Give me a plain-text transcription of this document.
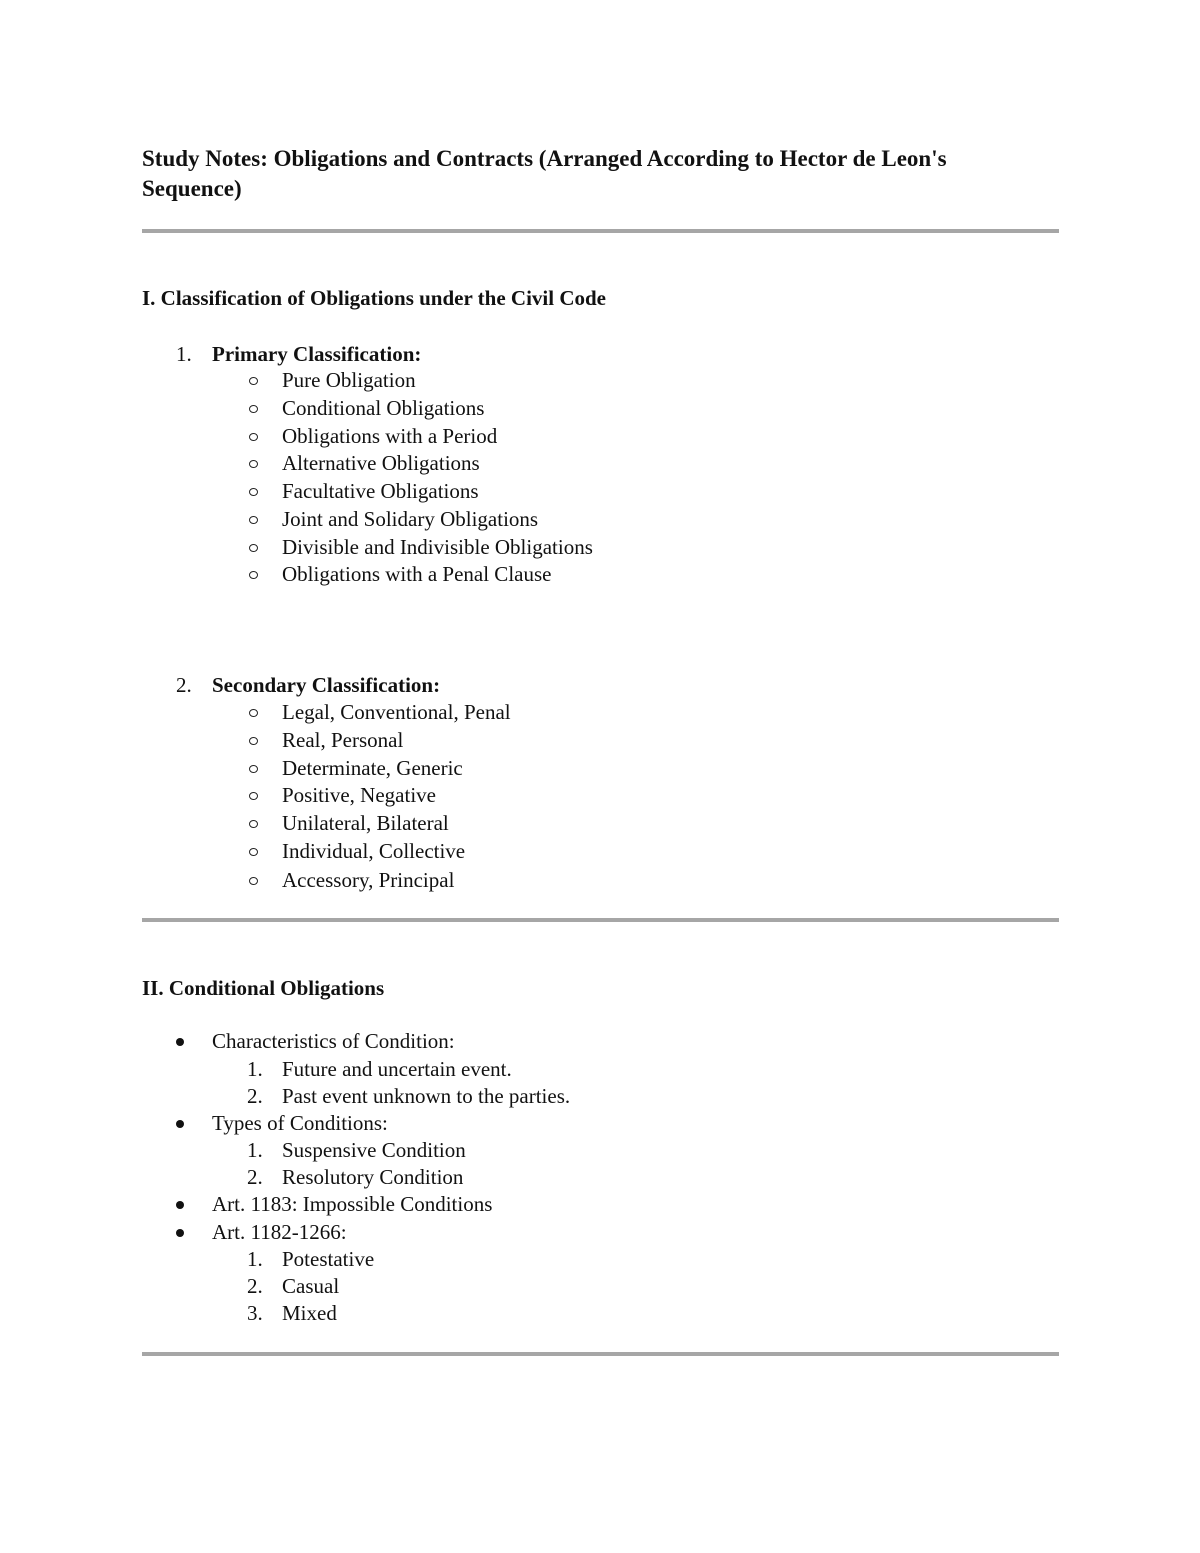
Study Notes: Obligations and Contracts (Arranged According to Hector de Leon's Sequence)
I. Classification of Obligations under the Civil Code
1. Primary Classification:
Pure Obligation
Conditional Obligations
Obligations with a Period
Alternative Obligations
Facultative Obligations
Joint and Solidary Obligations
Divisible and Indivisible Obligations
Obligations with a Penal Clause
2. Secondary Classification:
Legal, Conventional, Penal
Real, Personal
Determinate, Generic
Positive, Negative
Unilateral, Bilateral
Individual, Collective
Accessory, Principal
II. Conditional Obligations
Characteristics of Condition:
1. Future and uncertain event.
2. Past event unknown to the parties.
Types of Conditions:
1. Suspensive Condition
2. Resolutory Condition
Art. 1183: Impossible Conditions
Art. 1182-1266:
1. Potestative
2. Casual
3. Mixed
